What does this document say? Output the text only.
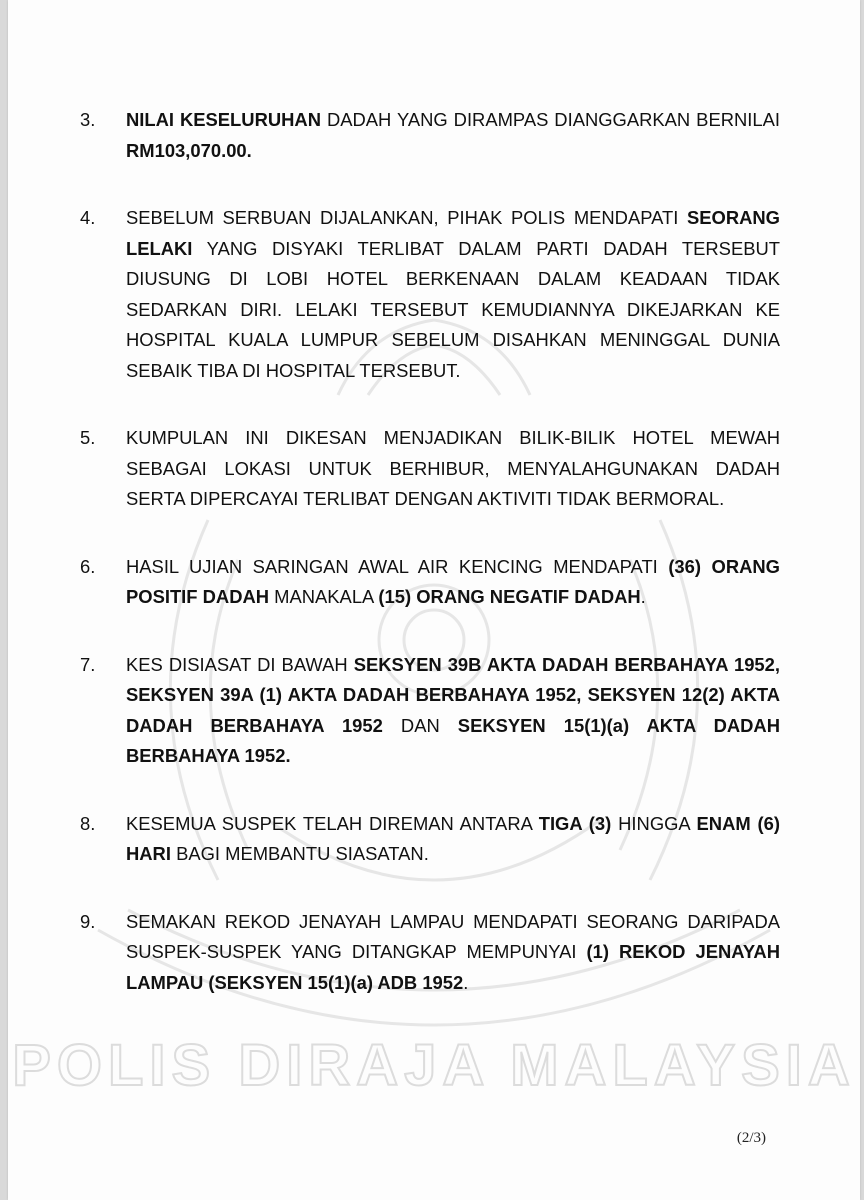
POLIS DIRAJA MALAYSIA
3.	NILAI KESELURUHAN DADAH YANG DIRAMPAS DIANGGARKAN BERNILAI RM103,070.00.
4.	SEBELUM SERBUAN DIJALANKAN, PIHAK POLIS MENDAPATI SEORANG LELAKI YANG DISYAKI TERLIBAT DALAM PARTI DADAH TERSEBUT DIUSUNG DI LOBI HOTEL BERKENAAN DALAM KEADAAN TIDAK SEDARKAN DIRI. LELAKI TERSEBUT KEMUDIANNYA DIKEJARKAN KE HOSPITAL KUALA LUMPUR SEBELUM DISAHKAN MENINGGAL DUNIA SEBAIK TIBA DI HOSPITAL TERSEBUT.
5.	KUMPULAN INI DIKESAN MENJADIKAN BILIK-BILIK HOTEL MEWAH SEBAGAI LOKASI UNTUK BERHIBUR, MENYALAHGUNAKAN DADAH SERTA DIPERCAYAI TERLIBAT DENGAN AKTIVITI TIDAK BERMORAL.
6.	HASIL UJIAN SARINGAN AWAL AIR KENCING MENDAPATI (36) ORANG POSITIF DADAH MANAKALA (15) ORANG NEGATIF DADAH.
7.	KES DISIASAT DI BAWAH SEKSYEN 39B AKTA DADAH BERBAHAYA 1952, SEKSYEN 39A (1) AKTA DADAH BERBAHAYA 1952, SEKSYEN 12(2) AKTA DADAH BERBAHAYA 1952 DAN SEKSYEN 15(1)(a) AKTA DADAH BERBAHAYA 1952.
8.	KESEMUA SUSPEK TELAH DIREMAN ANTARA TIGA (3) HINGGA ENAM (6) HARI BAGI MEMBANTU SIASATAN.
9.	SEMAKAN REKOD JENAYAH LAMPAU MENDAPATI SEORANG DARIPADA SUSPEK-SUSPEK YANG DITANGKAP MEMPUNYAI (1) REKOD JENAYAH LAMPAU (SEKSYEN 15(1)(a) ADB 1952.
(2/3)
